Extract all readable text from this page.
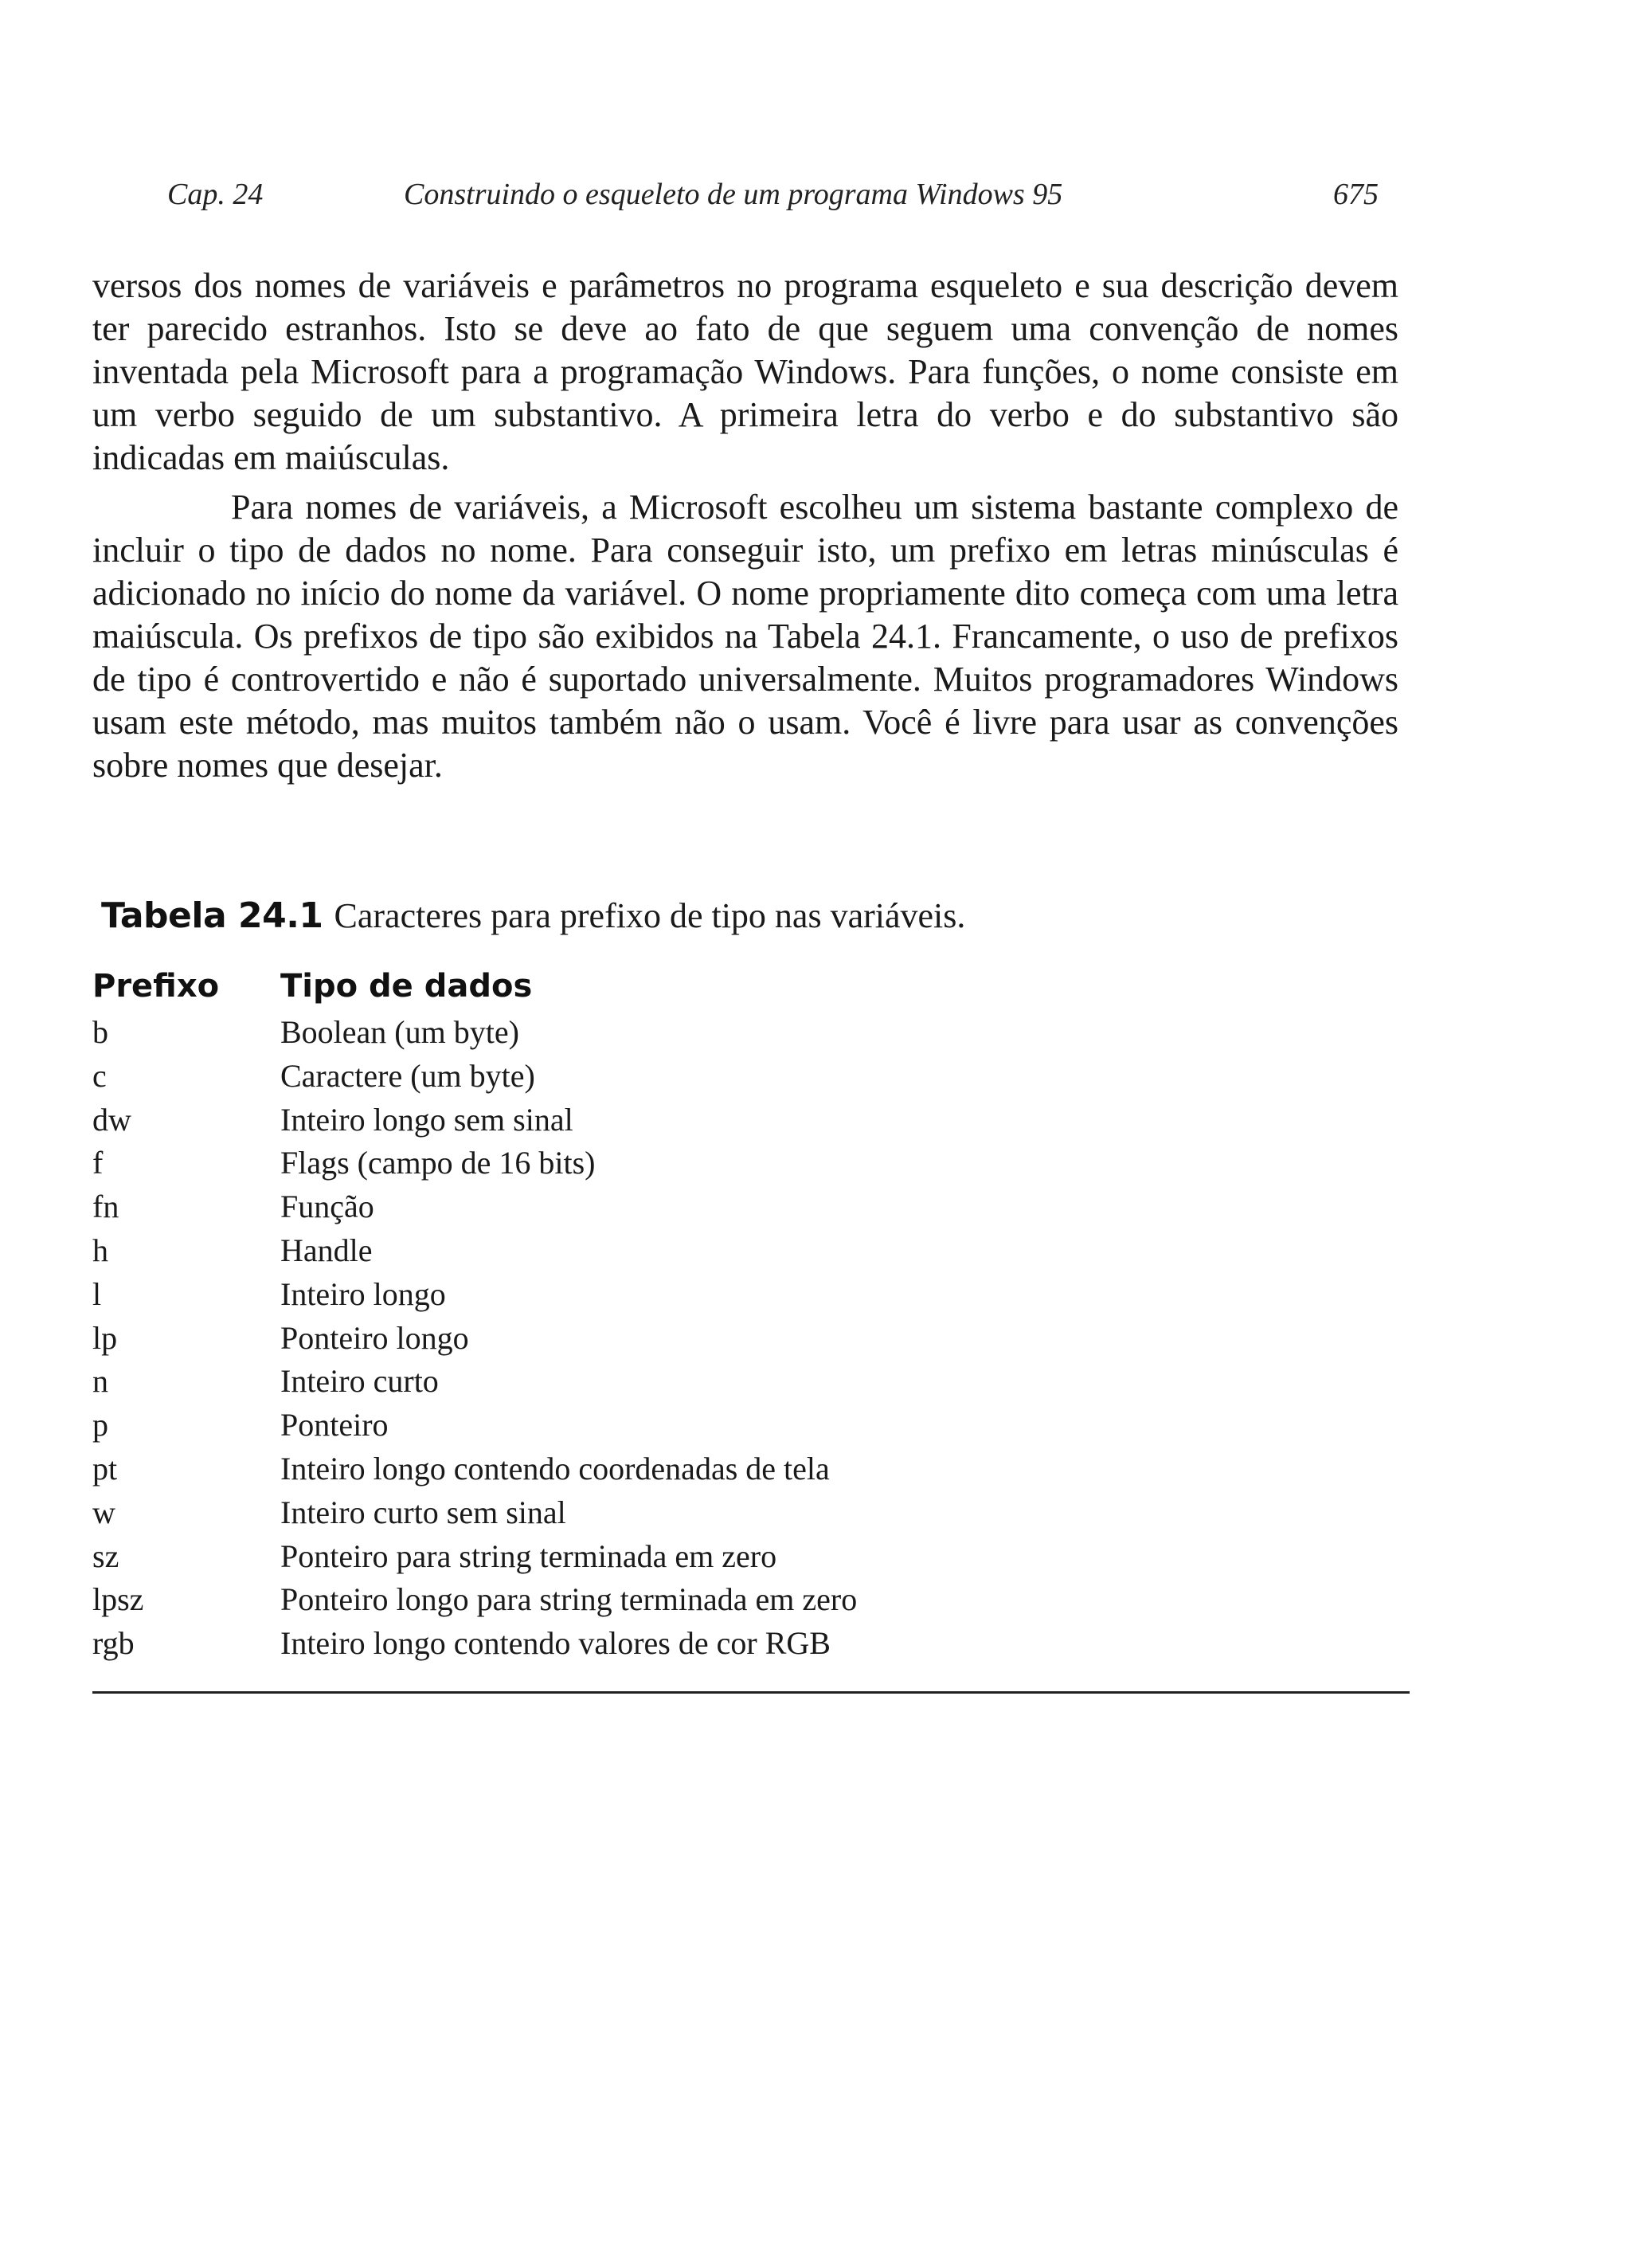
Cap. 24	Construindo o esqueleto de um programa Windows 95	675

versos dos nomes de variáveis e parâmetros no programa esqueleto e sua descrição devem ter parecido estranhos. Isto se deve ao fato de que seguem uma convenção de nomes inventada pela Microsoft para a programação Windows. Para funções, o nome consiste em um verbo seguido de um substantivo. A primeira letra do verbo e do substantivo são indicadas em maiúsculas.

Para nomes de variáveis, a Microsoft escolheu um sistema bastante complexo de incluir o tipo de dados no nome. Para conseguir isto, um prefixo em letras minúsculas é adicionado no início do nome da variável. O nome propriamente dito começa com uma letra maiúscula. Os prefixos de tipo são exibidos na Tabela 24.1. Francamente, o uso de prefixos de tipo é controvertido e não é suportado universalmente. Muitos programadores Windows usam este método, mas muitos também não o usam. Você é livre para usar as convenções sobre nomes que desejar.

Tabela 24.1 Caracteres para prefixo de tipo nas variáveis.
Prefixo Tipo de dados
b	Boolean (um byte)
c	Caractere (um byte)
dw	Inteiro longo sem sinal
f	Flags (campo de 16 bits)
fn	Função
h	Handle
l	Inteiro longo
lp	Ponteiro longo
n	Inteiro curto
p	Ponteiro
pt	Inteiro longo contendo coordenadas de tela
w	Inteiro curto sem sinal
sz	Ponteiro para string terminada em zero
lpsz	Ponteiro longo para string terminada em zero
rgb	Inteiro longo contendo valores de cor RGB
